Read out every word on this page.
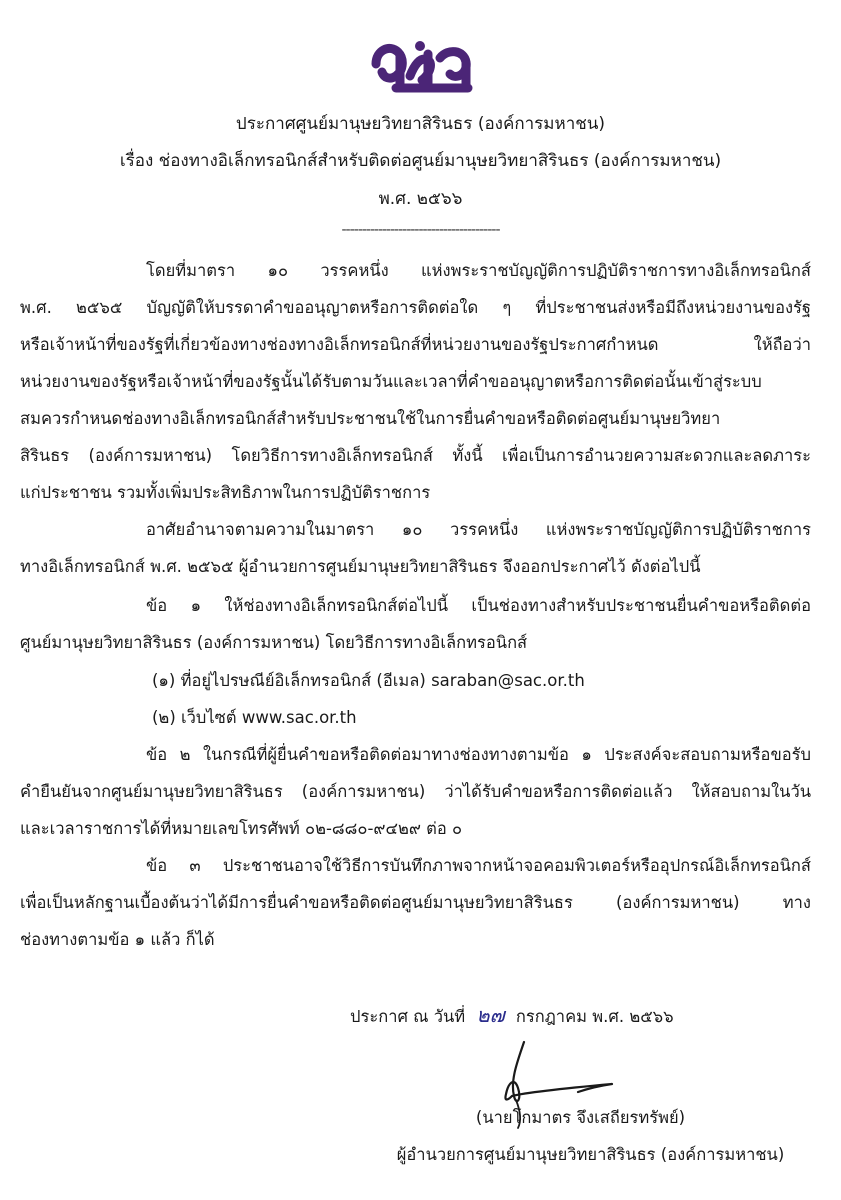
ประกาศศูนย์มานุษยวิทยาสิรินธร (องค์การมหาชน)
เรื่อง ช่องทางอิเล็กทรอนิกส์สำหรับติดต่อศูนย์มานุษยวิทยาสิรินธร (องค์การมหาชน)
พ.ศ. ๒๕๖๖
---------------------------------------
โดยที่มาตรา ๑๐ วรรคหนึ่ง แห่งพระราชบัญญัติการปฏิบัติราชการทางอิเล็กทรอนิกส์
พ.ศ. ๒๕๖๕ บัญญัติให้บรรดาคำขออนุญาตหรือการติดต่อใด ๆ ที่ประชาชนส่งหรือมีถึงหน่วยงานของรัฐ
หรือเจ้าหน้าที่ของรัฐที่เกี่ยวข้องทางช่องทางอิเล็กทรอนิกส์ที่หน่วยงานของรัฐประกาศกำหนด ให้ถือว่า
หน่วยงานของรัฐหรือเจ้าหน้าที่ของรัฐนั้นได้รับตามวันและเวลาที่คำขออนุญาตหรือการติดต่อนั้นเข้าสู่ระบบ
สมควรกำหนดช่องทางอิเล็กทรอนิกส์สำหรับประชาชนใช้ในการยื่นคำขอหรือติดต่อศูนย์มานุษยวิทยา
สิรินธร (องค์การมหาชน) โดยวิธีการทางอิเล็กทรอนิกส์ ทั้งนี้ เพื่อเป็นการอำนวยความสะดวกและลดภาระ
แก่ประชาชน รวมทั้งเพิ่มประสิทธิภาพในการปฏิบัติราชการ
อาศัยอำนาจตามความในมาตรา ๑๐ วรรคหนึ่ง แห่งพระราชบัญญัติการปฏิบัติราชการ
ทางอิเล็กทรอนิกส์ พ.ศ. ๒๕๖๕ ผู้อำนวยการศูนย์มานุษยวิทยาสิรินธร จึงออกประกาศไว้ ดังต่อไปนี้
ข้อ ๑ ให้ช่องทางอิเล็กทรอนิกส์ต่อไปนี้ เป็นช่องทางสำหรับประชาชนยื่นคำขอหรือติดต่อ
ศูนย์มานุษยวิทยาสิรินธร (องค์การมหาชน) โดยวิธีการทางอิเล็กทรอนิกส์
(๑) ที่อยู่ไปรษณีย์อิเล็กทรอนิกส์ (อีเมล) saraban@sac.or.th
(๒) เว็บไซต์ www.sac.or.th
ข้อ ๒ ในกรณีที่ผู้ยื่นคำขอหรือติดต่อมาทางช่องทางตามข้อ ๑ ประสงค์จะสอบถามหรือขอรับ
คำยืนยันจากศูนย์มานุษยวิทยาสิรินธร (องค์การมหาชน) ว่าได้รับคำขอหรือการติดต่อแล้ว ให้สอบถามในวัน
และเวลาราชการได้ที่หมายเลขโทรศัพท์ ๐๒-๘๘๐-๙๔๒๙ ต่อ ๐
ข้อ ๓ ประชาชนอาจใช้วิธีการบันทึกภาพจากหน้าจอคอมพิวเตอร์หรืออุปกรณ์อิเล็กทรอนิกส์
เพื่อเป็นหลักฐานเบื้องต้นว่าได้มีการยื่นคำขอหรือติดต่อศูนย์มานุษยวิทยาสิรินธร (องค์การมหาชน) ทาง
ช่องทางตามข้อ ๑ แล้ว ก็ได้
ประกาศ ณ วันที่ ๒๗ กรกฎาคม พ.ศ. ๒๕๖๖
(นายโกมาตร จึงเสถียรทรัพย์)
ผู้อำนวยการศูนย์มานุษยวิทยาสิรินธร (องค์การมหาชน)
